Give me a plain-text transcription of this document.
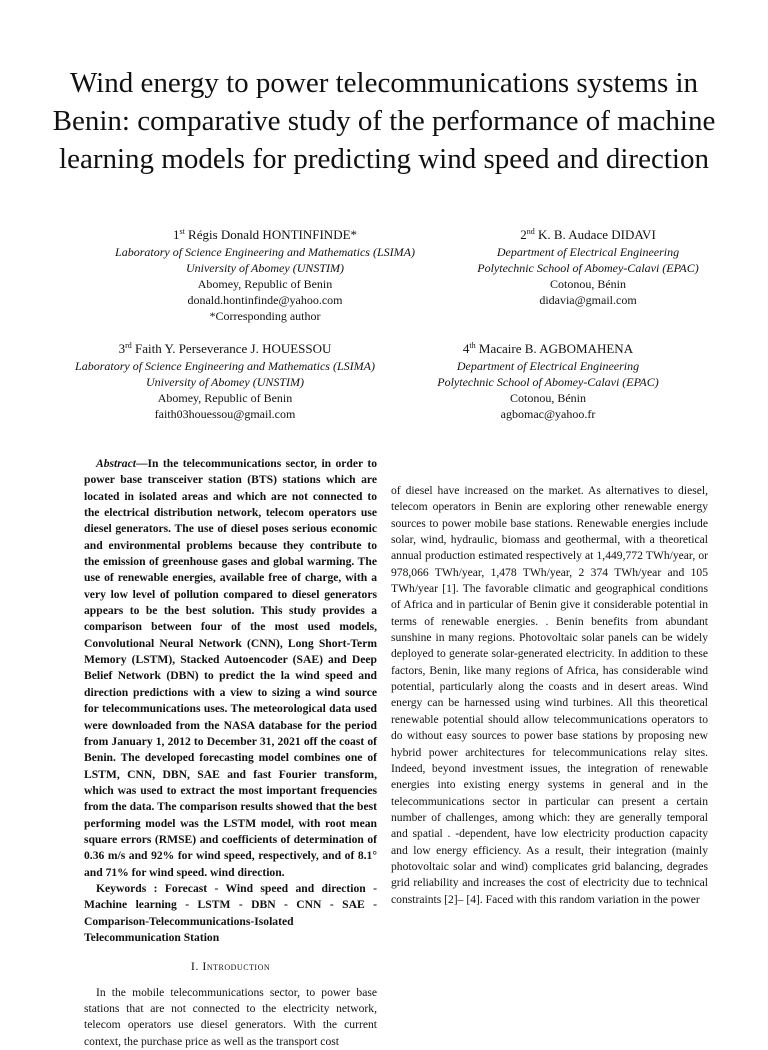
Wind energy to power telecommunications systems in Benin: comparative study of the performance of machine learning models for predicting wind speed and direction
1st Régis Donald HONTINFINDE*
Laboratory of Science Engineering and Mathematics (LSIMA)
University of Abomey (UNSTIM)
Abomey, Republic of Benin
donald.hontinfinde@yahoo.com
*Corresponding author
2nd K. B. Audace DIDAVI
Department of Electrical Engineering
Polytechnic School of Abomey-Calavi (EPAC)
Cotonou, Bénin
didavia@gmail.com
3rd Faith Y. Perseverance J. HOUESSOU
Laboratory of Science Engineering and Mathematics (LSIMA)
University of Abomey (UNSTIM)
Abomey, Republic of Benin
faith03houessou@gmail.com
4th Macaire B. AGBOMAHENA
Department of Electrical Engineering
Polytechnic School of Abomey-Calavi (EPAC)
Cotonou, Bénin
agbomac@yahoo.fr

Abstract—In the telecommunications sector, in order to power base transceiver station (BTS) stations which are located in isolated areas and which are not connected to the electrical distribution network, telecom operators use diesel generators. The use of diesel poses serious economic and environmental problems because they contribute to the emission of greenhouse gases and global warming. The use of renewable energies, available free of charge, with a very low level of pollution compared to diesel generators appears to be the best solution. This study provides a comparison between four of the most used models, Convolutional Neural Network (CNN), Long Short-Term Memory (LSTM), Stacked Autoencoder (SAE) and Deep Belief Network (DBN) to predict the la wind speed and direction predictions with a view to sizing a wind source for telecommunications uses. The meteorological data used were downloaded from the NASA database for the period from January 1, 2012 to December 31, 2021 off the coast of Benin. The developed forecasting model combines one of LSTM, CNN, DBN, SAE and fast Fourier transform, which was used to extract the most important frequencies from the data. The comparison results showed that the best performing model was the LSTM model, with root mean square errors (RMSE) and coefficients of determination of 0.36 m/s and 92% for wind speed, respectively, and of 8.1° and 71% for wind speed. wind direction.

Keywords : Forecast - Wind speed and direction - Machine learning - LSTM - DBN - CNN - SAE - Comparison-Telecommunications-Isolated Telecommunication Station

I. Introduction

In the mobile telecommunications sector, to power base stations that are not connected to the electricity network, telecom operators use diesel generators. With the current context, the purchase price as well as the transport cost

of diesel have increased on the market. As alternatives to diesel, telecom operators in Benin are exploring other renewable energy sources to power mobile base stations. Renewable energies include solar, wind, hydraulic, biomass and geothermal, with a theoretical annual production estimated respectively at 1,449,772 TWh/year, or 978,066 TWh/year, 1,478 TWh/year, 2 374 TWh/year and 105 TWh/year [1]. The favorable climatic and geographical conditions of Africa and in particular of Benin give it considerable potential in terms of renewable energies. . Benin benefits from abundant sunshine in many regions. Photovoltaic solar panels can be widely deployed to generate solar-generated electricity. In addition to these factors, Benin, like many regions of Africa, has considerable wind potential, particularly along the coasts and in desert areas. Wind energy can be harnessed using wind turbines. All this theoretical renewable potential should allow telecommunications operators to do without easy sources to power base stations by proposing new hybrid power architectures for telecommunications relay sites. Indeed, beyond investment issues, the integration of renewable energies into existing energy systems in general and in the telecommunications sector in particular can present a certain number of challenges, among which: they are generally temporal and spatial . -dependent, have low electricity production capacity and low energy efficiency. As a result, their integration (mainly photovoltaic solar and wind) complicates grid balancing, degrades grid reliability and increases the cost of electricity due to technical constraints [2]– [4]. Faced with this random variation in the power
